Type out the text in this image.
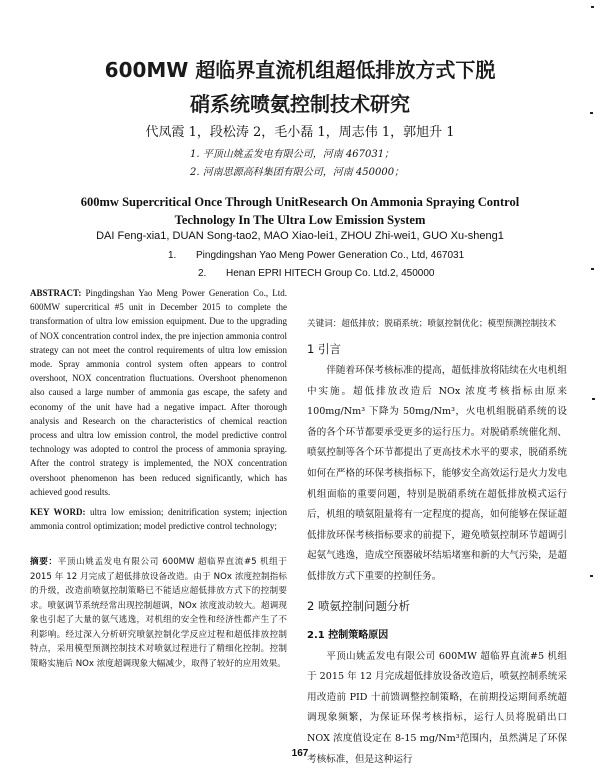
600MW 超临界直流机组超低排放方式下脱
硝系统喷氨控制技术研究
代凤霞 1，段松涛 2，毛小磊 1，周志伟 1，郭旭升 1
1. 平顶山姚孟发电有限公司，河南 467031；
2. 河南思源高科集团有限公司，河南 450000；
600mw Supercritical Once Through UnitResearch On Ammonia Spraying Control
Technology In The Ultra Low Emission System
DAI Feng-xia1, DUAN Song-tao2, MAO Xiao-lei1, ZHOU Zhi-wei1, GUO Xu-sheng1
1. Pingdingshan Yao Meng Power Generation Co., Ltd, 467031
2. Henan EPRI HITECH Group Co. Ltd.2, 450000
ABSTRACT: Pingdingshan Yao Meng Power Generation Co., Ltd. 600MW supercritical #5 unit in December 2015 to complete the transformation of ultra low emission equipment. Due to the upgrading of NOX concentration control index, the pre injection ammonia control strategy can not meet the control requirements of ultra low emission mode. Spray ammonia control system often appears to control overshoot, NOX concentration fluctuations. Overshoot phenomenon also caused a large number of ammonia gas escape, the safety and economy of the unit have had a negative impact. After thorough analysis and Research on the characteristics of chemical reaction process and ultra low emission control, the model predictive control technology was adopted to control the process of ammonia spraying. After the control strategy is implemented, the NOX concentration overshoot phenomenon has been reduced significantly, which has achieved good results.
KEY WORD: ultra low emission; denitrification system; injection ammonia control optimization; model predictive control technology;
摘要：平顶山姚孟发电有限公司 600MW 超临界直流#5 机组于 2015 年 12 月完成了超低排放设备改造。由于 NOx 浓度控制指标的升级，改造前喷氨控制策略已不能适应超低排放方式下的控制要求。喷氨调节系统经常出现控制超调，NOx 浓度波动较大。超调现象也引起了大量的氨气逃逸，对机组的安全性和经济性都产生了不利影响。经过深入分析研究喷氨控制化学反应过程和超低排放控制特点，采用模型预测控制技术对喷氨过程进行了精细化控制。控制策略实施后 NOx 浓度超调现象大幅减少，取得了较好的应用效果。
关键词：超低排放；脱硝系统；喷氨控制优化；模型预测控制技术
1 引言
伴随着环保考核标准的提高，超低排放将陆续在火电机组中实施。超低排放改造后 NOx 浓度考核指标由原来 100mg/Nm³ 下降为 50mg/Nm³，火电机组脱硝系统的设备的各个环节都要承受更多的运行压力。对脱硝系统催化剂、喷氨控制等各个环节都提出了更高技术水平的要求，脱硝系统如何在严格的环保考核指标下，能够安全高效运行是火力发电机组面临的重要问题，特别是脱硝系统在超低排放模式运行后，机组的喷氨阻量将有一定程度的提高，如何能够在保证超低排放环保考核指标要求的前提下，避免喷氨控制环节超调引起氨气逃逸，造成空预器破坏结垢堵塞和新的大气污染，是超低排放方式下重要的控制任务。
2 喷氨控制问题分析
2.1 控制策略原因
平顶山姚孟发电有限公司 600MW 超临界直流#5 机组于 2015 年 12 月完成超低排放设备改造后，喷氨控制系统采用改造前 PID 十前馈调整控制策略，在前期投运期间系统超调现象频繁，为保证环保考核指标，运行人员将脱硝出口 NOX 浓度值设定在 8-15 mg/Nm³范围内，虽然满足了环保考核标准，但是这种运行
167
